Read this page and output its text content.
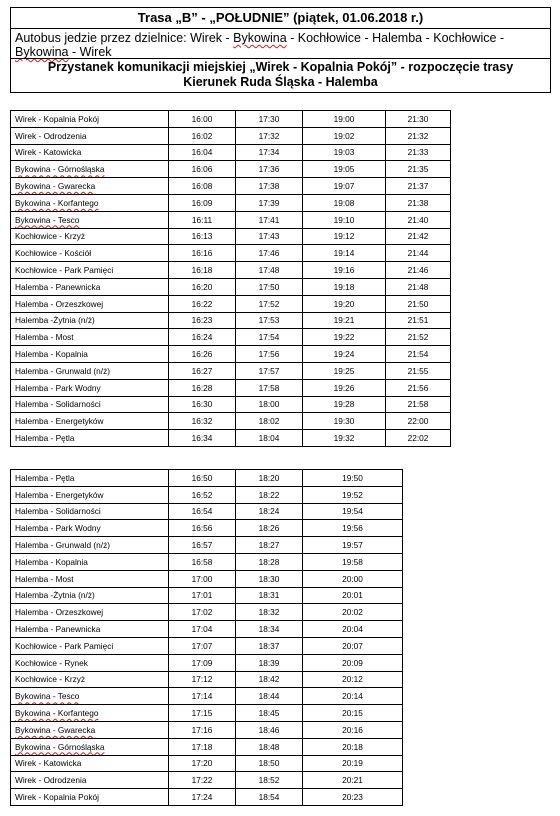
Trasa „B” - „POŁUDNIE” (piątek, 01.06.2018 r.)
Autobus jedzie przez dzielnice: Wirek - Bykowina - Kochłowice - Halemba - Kochłowice - Bykowina - Wirek
Przystanek komunikacji miejskiej „Wirek - Kopalnia Pokój” - rozpoczęcie trasy
Kierunek Ruda Śląska - Halemba
Wirek - Kopalnia Pokój	16:00	17:30	19:00	21:30
Wirek - Odrodzenia	16:02	17:32	19:02	21:32
Wirek - Katowicka	16:04	17:34	19:03	21:33
Bykowina - Górnośląska	16:06	17:36	19:05	21:35
Bykowina - Gwarecka	16:08	17:38	19:07	21:37
Bykowina - Korfantego	16:09	17:39	19:08	21:38
Bykowina - Tesco	16:11	17:41	19:10	21:40
Kochłowice - Krzyż	16:13	17:43	19:12	21:42
Kochłowice - Kościół	16:16	17:46	19:14	21:44
Kochłowice - Park Pamięci	16:18	17:48	19:16	21:46
Halemba - Panewnicka	16:20	17:50	19:18	21:48
Halemba - Orzeszkowej	16:22	17:52	19:20	21:50
Halemba -Żytnia (n/ż)	16:23	17:53	19:21	21:51
Halemba - Most	16:24	17:54	19:22	21:52
Halemba - Kopalnia	16:26	17:56	19:24	21:54
Halemba - Grunwald (n/ż)	16:27	17:57	19:25	21:55
Halemba - Park Wodny	16:28	17:58	19:26	21:56
Halemba - Solidarności	16:30	18:00	19:28	21:58
Halemba - Energetyków	16:32	18:02	19:30	22:00
Halemba - Pętla	16:34	18:04	19:32	22:02
Halemba - Pętla	16:50	18:20	19:50
Halemba - Energetyków	16:52	18:22	19:52
Halemba - Solidarności	16:54	18:24	19:54
Halemba - Park Wodny	16:56	18:26	19:56
Halemba - Grunwald (n/ż)	16:57	18:27	19:57
Halemba - Kopalnia	16:58	18:28	19:58
Halemba - Most	17:00	18:30	20:00
Halemba -Żytnia (n/ż)	17:01	18:31	20:01
Halemba - Orzeszkowej	17:02	18:32	20:02
Halemba - Panewnicka	17:04	18:34	20:04
Kochłowice - Park Pamięci	17:07	18:37	20:07
Kochłowice - Rynek	17:09	18:39	20:09
Kochłowice - Krzyż	17:12	18:42	20:12
Bykowina - Tesco	17:14	18:44	20:14
Bykowina - Korfantego	17:15	18:45	20:15
Bykowina - Gwarecka	17:16	18:46	20:16
Bykowina - Górnośląska	17:18	18:48	20:18
Wirek - Katowicka	17:20	18:50	20:19
Wirek - Odrodzenia	17:22	18:52	20:21
Wirek - Kopalnia Pokój	17:24	18:54	20:23
